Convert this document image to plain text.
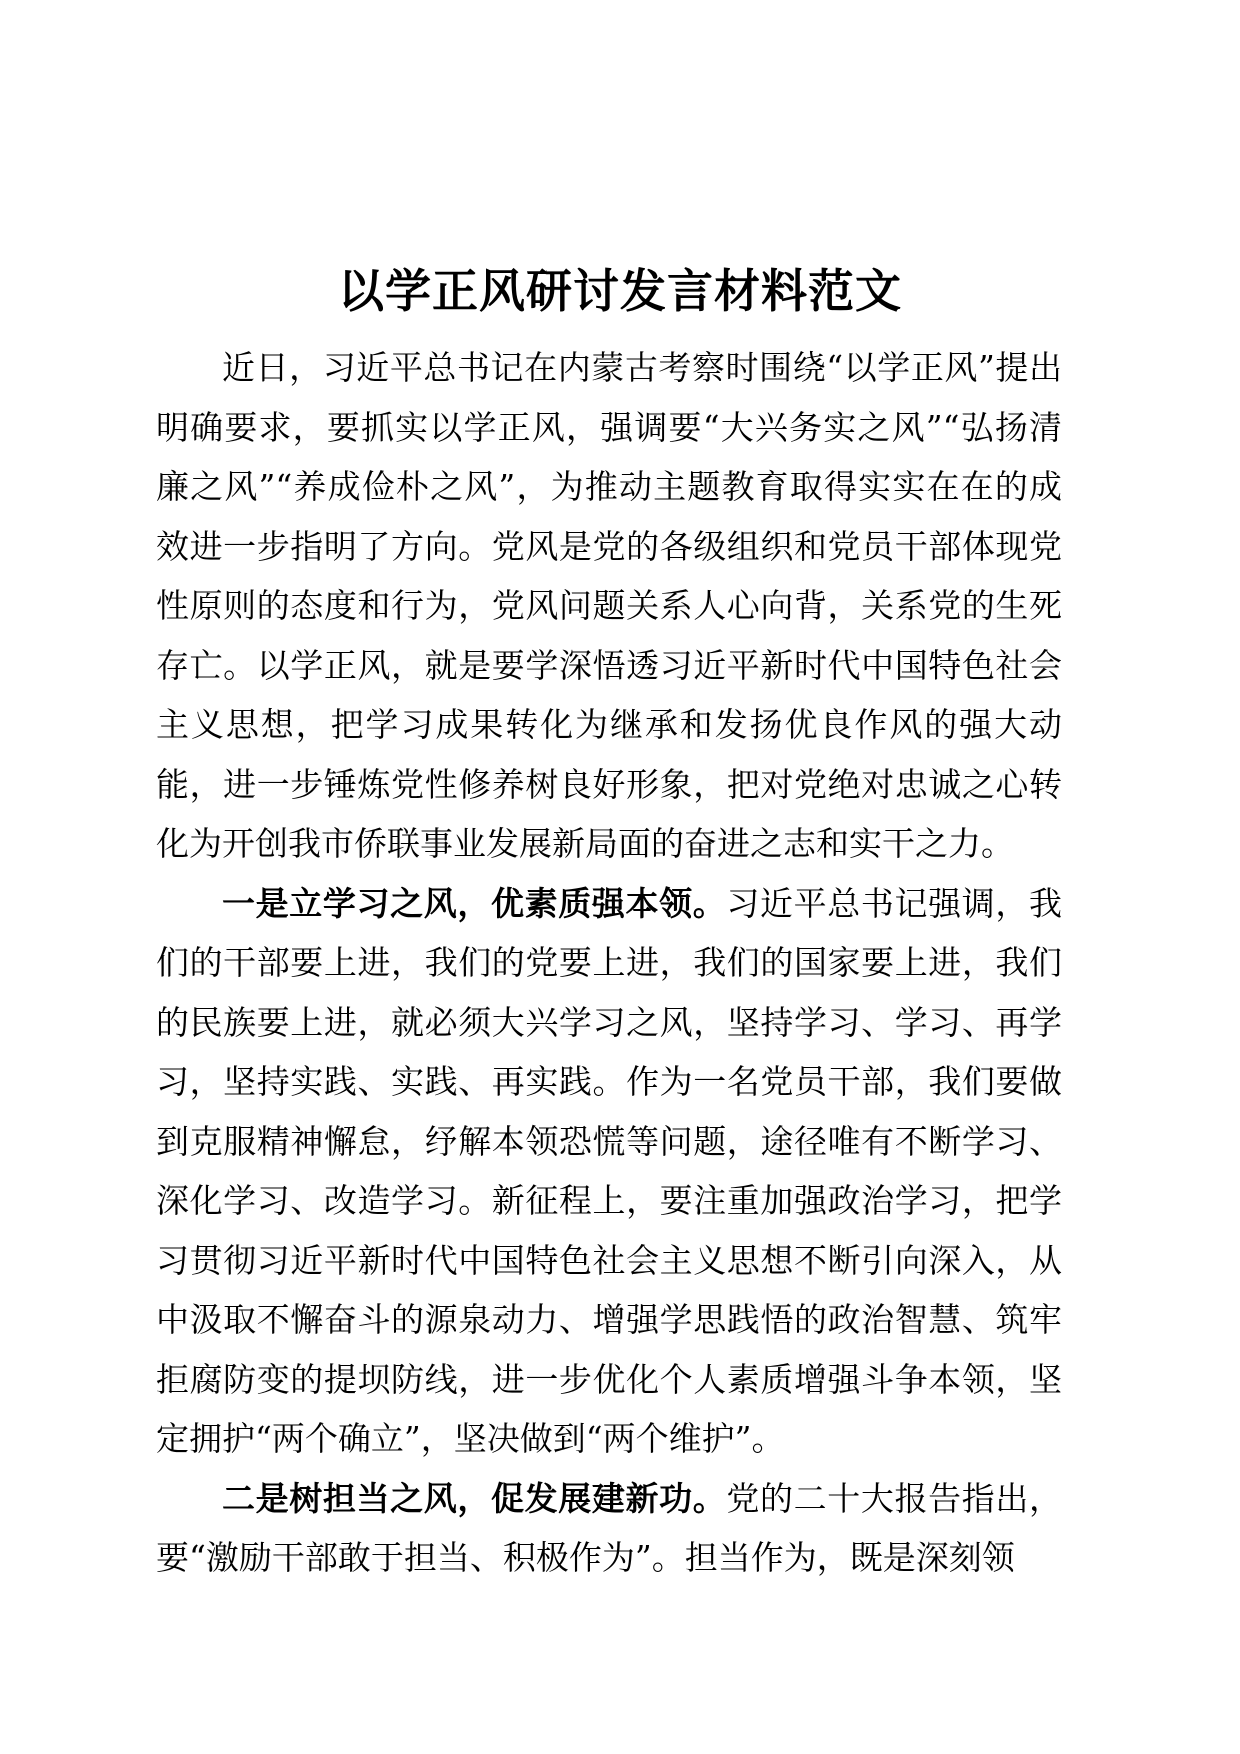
以学正风研讨发言材料范文

近日，习近平总书记在内蒙古考察时围绕“以学正风”提出明确要求，要抓实以学正风，强调要“大兴务实之风”“弘扬清廉之风”“养成俭朴之风”，为推动主题教育取得实实在在的成效进一步指明了方向。党风是党的各级组织和党员干部体现党性原则的态度和行为，党风问题关系人心向背，关系党的生死存亡。以学正风，就是要学深悟透习近平新时代中国特色社会主义思想，把学习成果转化为继承和发扬优良作风的强大动能，进一步锤炼党性修养树良好形象，把对党绝对忠诚之心转化为开创我市侨联事业发展新局面的奋进之志和实干之力。

一是立学习之风，优素质强本领。习近平总书记强调，我们的干部要上进，我们的党要上进，我们的国家要上进，我们的民族要上进，就必须大兴学习之风，坚持学习、学习、再学习，坚持实践、实践、再实践。作为一名党员干部，我们要做到克服精神懈怠，纾解本领恐慌等问题，途径唯有不断学习、深化学习、改造学习。新征程上，要注重加强政治学习，把学习贯彻习近平新时代中国特色社会主义思想不断引向深入，从中汲取不懈奋斗的源泉动力、增强学思践悟的政治智慧、筑牢拒腐防变的提坝防线，进一步优化个人素质增强斗争本领，坚定拥护“两个确立”，坚决做到“两个维护”。

二是树担当之风，促发展建新功。党的二十大报告指出，要“激励干部敢于担当、积极作为”。担当作为，既是深刻领
